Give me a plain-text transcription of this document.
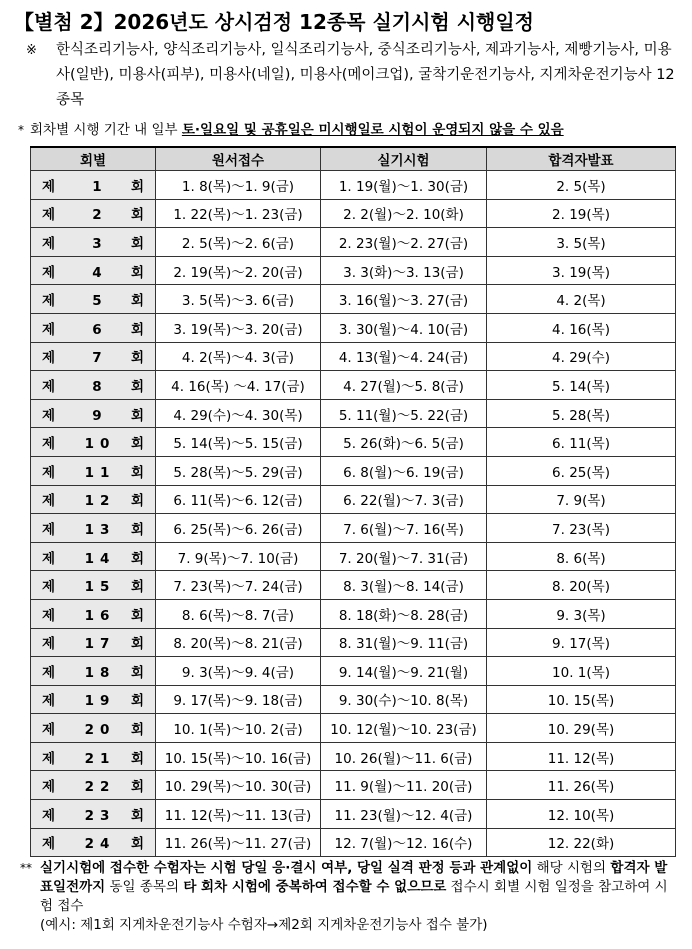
【별첨 2】2026년도 상시검정 12종목 실기시험 시행일정
※	한식조리기능사, 양식조리기능사, 일식조리기능사, 중식조리기능사, 제과기능사, 제빵기능사, 미용사(일반), 미용사(피부), 미용사(네일), 미용사(메이크업), 굴착기운전기능사, 지게차운전기능사 12종목
* 회차별 시행 기간 내 일부 토·일요일 및 공휴일은 미시행일로 시험이 운영되지 않을 수 있음
회별	원서접수	실기시험	합격자발표
제 1 회	1. 8(목)～1. 9(금)	1. 19(월)～1. 30(금)	2. 5(목)
제 2 회	1. 22(목)～1. 23(금)	2. 2(월)～2. 10(화)	2. 19(목)
제 3 회	2. 5(목)～2. 6(금)	2. 23(월)～2. 27(금)	3. 5(목)
제 4 회	2. 19(목)～2. 20(금)	3. 3(화)～3. 13(금)	3. 19(목)
제 5 회	3. 5(목)～3. 6(금)	3. 16(월)～3. 27(금)	4. 2(목)
제 6 회	3. 19(목)～3. 20(금)	3. 30(월)～4. 10(금)	4. 16(목)
제 7 회	4. 2(목)～4. 3(금)	4. 13(월)～4. 24(금)	4. 29(수)
제 8 회	4. 16(목) ～4. 17(금)	4. 27(월)～5. 8(금)	5. 14(목)
제 9 회	4. 29(수)～4. 30(목)	5. 11(월)～5. 22(금)	5. 28(목)
제 10 회	5. 14(목)～5. 15(금)	5. 26(화)～6. 5(금)	6. 11(목)
제 11 회	5. 28(목)～5. 29(금)	6. 8(월)～6. 19(금)	6. 25(목)
제 12 회	6. 11(목)～6. 12(금)	6. 22(월)～7. 3(금)	7. 9(목)
제 13 회	6. 25(목)～6. 26(금)	7. 6(월)～7. 16(목)	7. 23(목)
제 14 회	7. 9(목)～7. 10(금)	7. 20(월)～7. 31(금)	8. 6(목)
제 15 회	7. 23(목)～7. 24(금)	8. 3(월)～8. 14(금)	8. 20(목)
제 16 회	8. 6(목)～8. 7(금)	8. 18(화)～8. 28(금)	9. 3(목)
제 17 회	8. 20(목)～8. 21(금)	8. 31(월)～9. 11(금)	9. 17(목)
제 18 회	9. 3(목)～9. 4(금)	9. 14(월)～9. 21(월)	10. 1(목)
제 19 회	9. 17(목)～9. 18(금)	9. 30(수)～10. 8(목)	10. 15(목)
제 20 회	10. 1(목)～10. 2(금)	10. 12(월)～10. 23(금)	10. 29(목)
제 21 회	10. 15(목)～10. 16(금)	10. 26(월)～11. 6(금)	11. 12(목)
제 22 회	10. 29(목)～10. 30(금)	11. 9(월)～11. 20(금)	11. 26(목)
제 23 회	11. 12(목)～11. 13(금)	11. 23(월)～12. 4(금)	12. 10(목)
제 24 회	11. 26(목)～11. 27(금)	12. 7(월)～12. 16(수)	12. 22(화)
** 실기시험에 접수한 수험자는 시험 당일 응·결시 여부, 당일 실격 판정 등과 관계없이 해당 시험의 합격자 발표일전까지 동일 종목의 타 회차 시험에 중복하여 접수할 수 없으므로 접수시 회별 시험 일정을 참고하여 시험 접수
(예시: 제1회 지게차운전기능사 수험자→제2회 지게차운전기능사 접수 불가)
